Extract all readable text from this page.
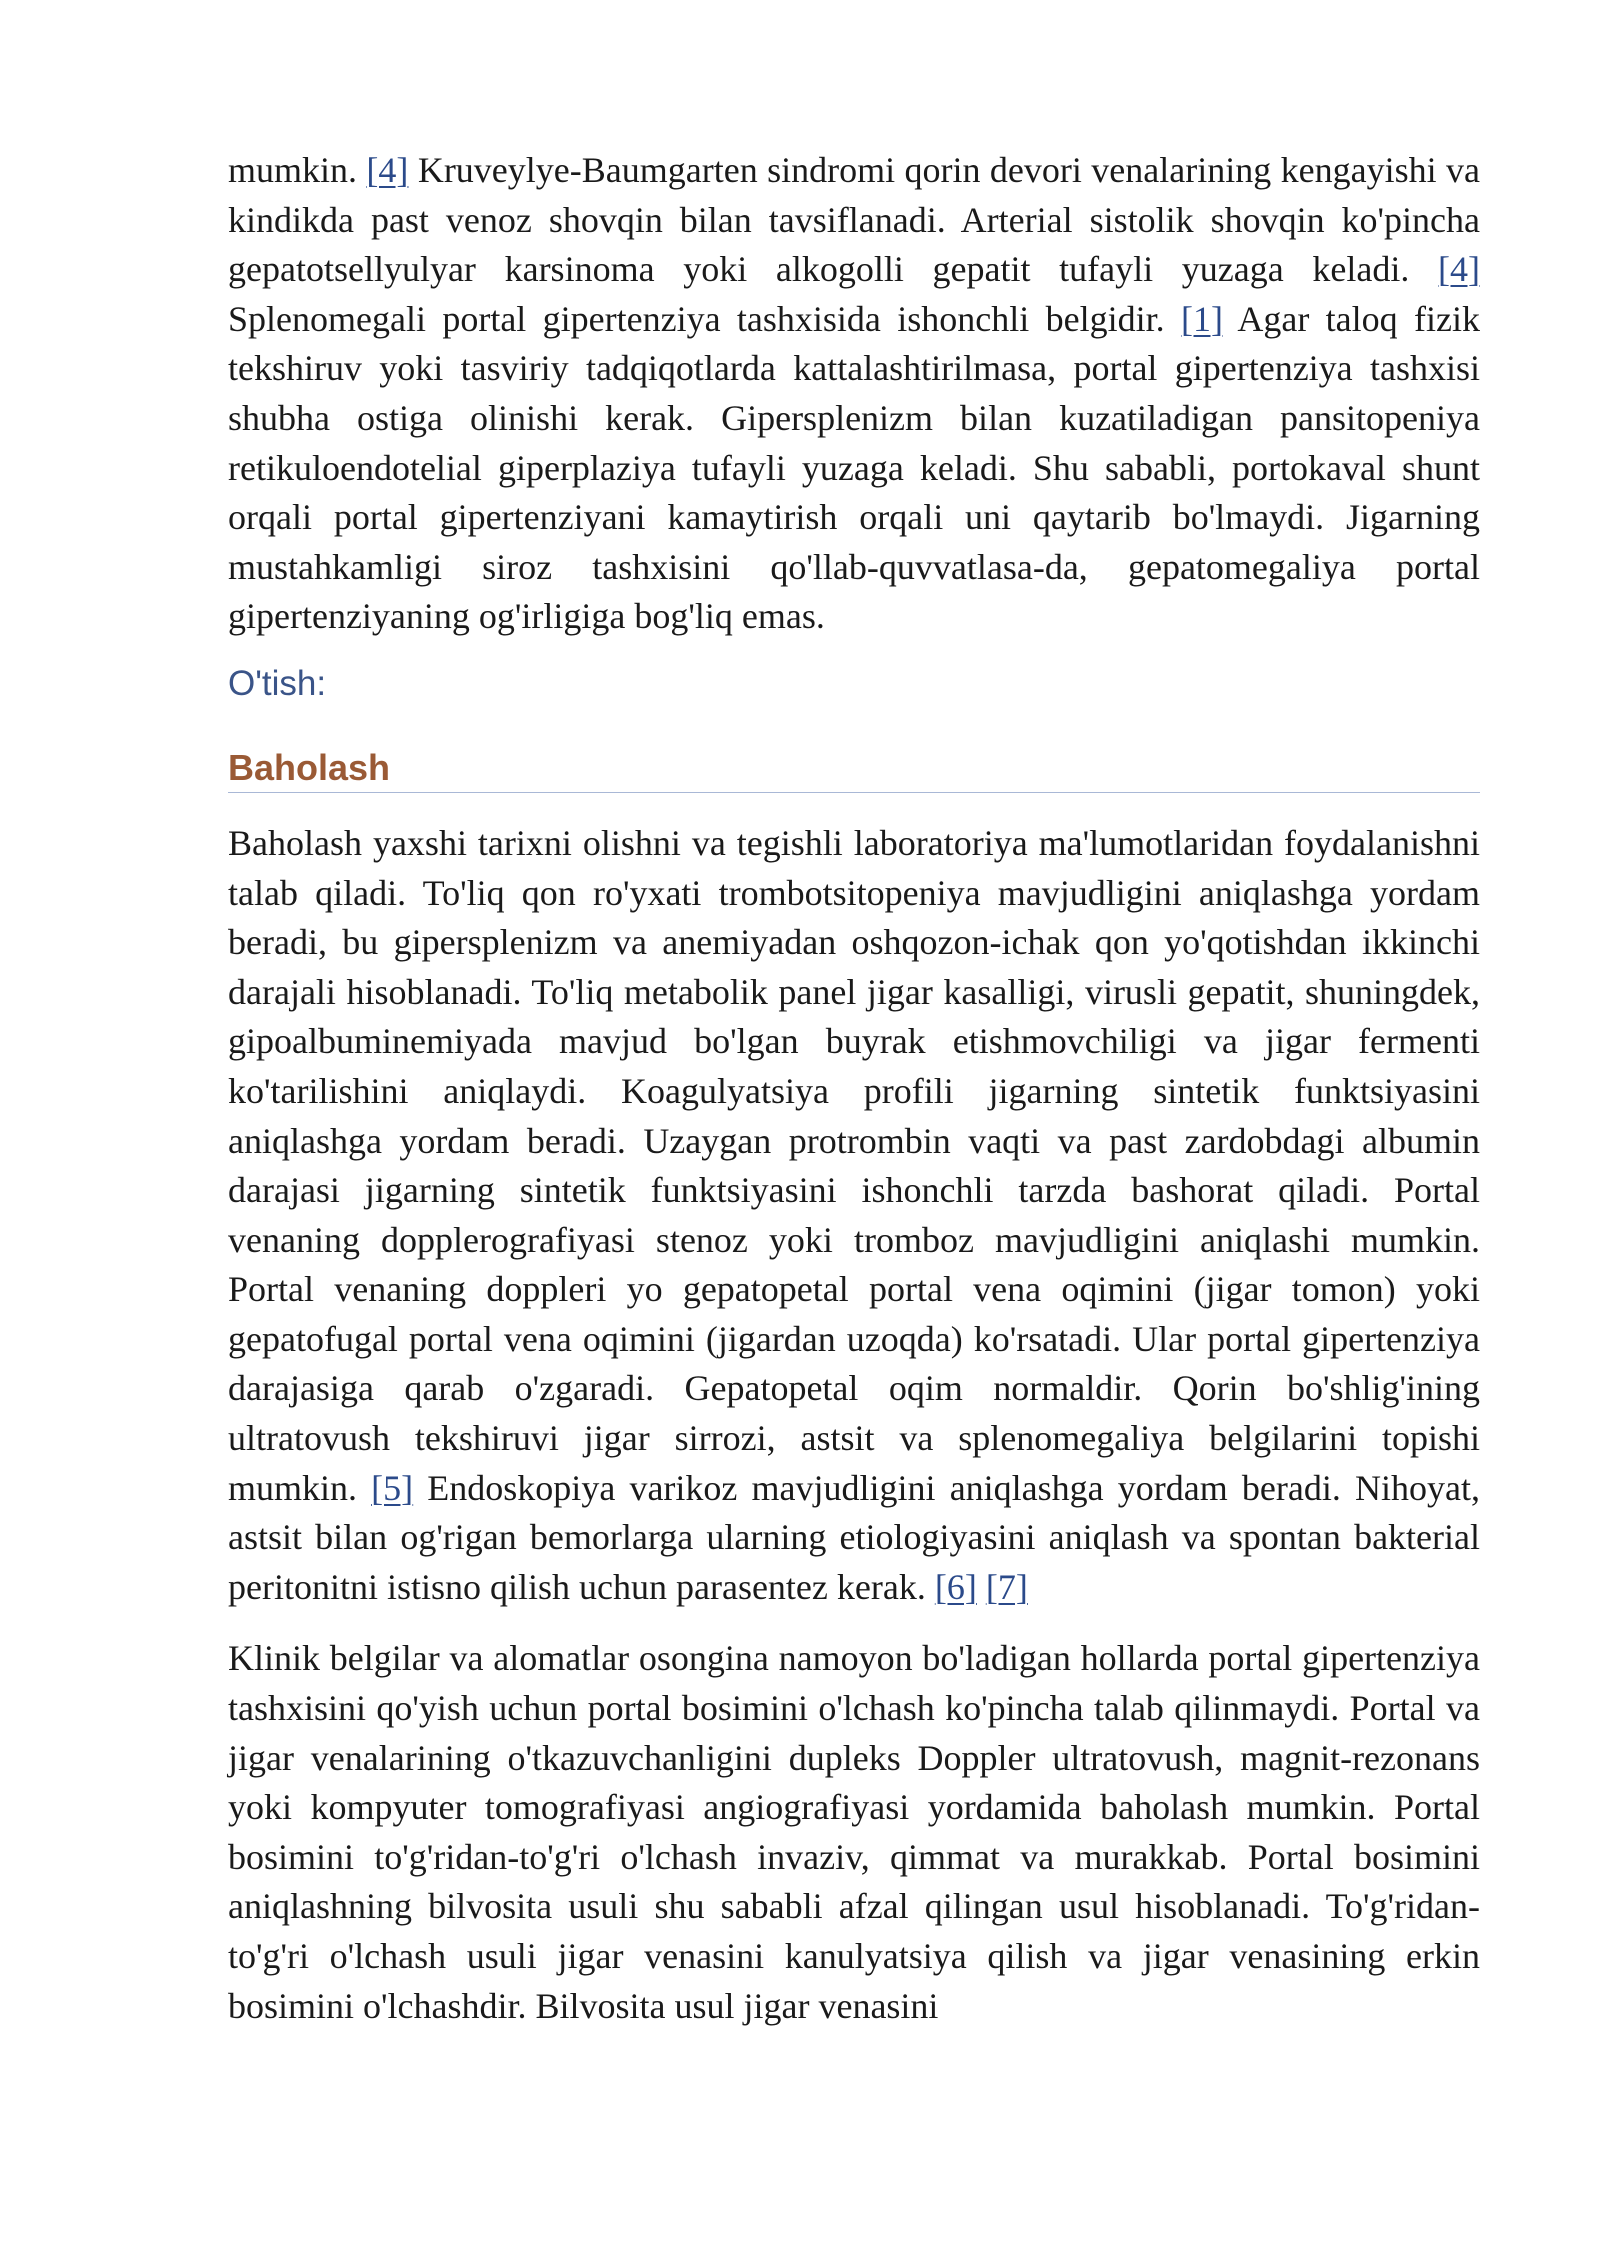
mumkin. [4] Kruveylye-Baumgarten sindromi qorin devori venalarining kengayishi va kindikda past venoz shovqin bilan tavsiflanadi. Arterial sistolik shovqin ko'pincha gepatotsellyulyar karsinoma yoki alkogolli gepatit tufayli yuzaga keladi. [4] Splenomegali portal gipertenziya tashxisida ishonchli belgidir. [1] Agar taloq fizik tekshiruv yoki tasviriy tadqiqotlarda kattalashtirilmasa, portal gipertenziya tashxisi shubha ostiga olinishi kerak. Gipersplenizm bilan kuzatiladigan pansitopeniya retikuloendotelial giperplaziya tufayli yuzaga keladi. Shu sababli, portokaval shunt orqali portal gipertenziyani kamaytirish orqali uni qaytarib bo'lmaydi. Jigarning mustahkamligi siroz tashxisini qo'llab-quvvatlasa-da, gepatomegaliya portal gipertenziyaning og'irligiga bog'liq emas.

O'tish:
Baholash

Baholash yaxshi tarixni olishni va tegishli laboratoriya ma'lumotlaridan foydalanishni talab qiladi. To'liq qon ro'yxati trombotsitopeniya mavjudligini aniqlashga yordam beradi, bu gipersplenizm va anemiyadan oshqozon-ichak qon yo'qotishdan ikkinchi darajali hisoblanadi. To'liq metabolik panel jigar kasalligi, virusli gepatit, shuningdek, gipoalbuminemiyada mavjud bo'lgan buyrak etishmovchiligi va jigar fermenti ko'tarilishini aniqlaydi. Koagulyatsiya profili jigarning sintetik funktsiyasini aniqlashga yordam beradi. Uzaygan protrombin vaqti va past zardobdagi albumin darajasi jigarning sintetik funktsiyasini ishonchli tarzda bashorat qiladi. Portal venaning dopplerografiyasi stenoz yoki tromboz mavjudligini aniqlashi mumkin. Portal venaning doppleri yo gepatopetal portal vena oqimini (jigar tomon) yoki gepatofugal portal vena oqimini (jigardan uzoqda) ko'rsatadi. Ular portal gipertenziya darajasiga qarab o'zgaradi. Gepatopetal oqim normaldir. Qorin bo'shlig'ining ultratovush tekshiruvi jigar sirrozi, astsit va splenomegaliya belgilarini topishi mumkin. [5] Endoskopiya varikoz mavjudligini aniqlashga yordam beradi. Nihoyat, astsit bilan og'rigan bemorlarga ularning etiologiyasini aniqlash va spontan bakterial peritonitni istisno qilish uchun parasentez kerak. [6] [7]

Klinik belgilar va alomatlar osongina namoyon bo'ladigan hollarda portal gipertenziya tashxisini qo'yish uchun portal bosimini o'lchash ko'pincha talab qilinmaydi. Portal va jigar venalarining o'tkazuvchanligini dupleks Doppler ultratovush, magnit-rezonans yoki kompyuter tomografiyasi angiografiyasi yordamida baholash mumkin. Portal bosimini to'g'ridan-to'g'ri o'lchash invaziv, qimmat va murakkab. Portal bosimini aniqlashning bilvosita usuli shu sababli afzal qilingan usul hisoblanadi. To'g'ridan-to'g'ri o'lchash usuli jigar venasini kanulyatsiya qilish va jigar venasining erkin bosimini o'lchashdir. Bilvosita usul jigar venasini
